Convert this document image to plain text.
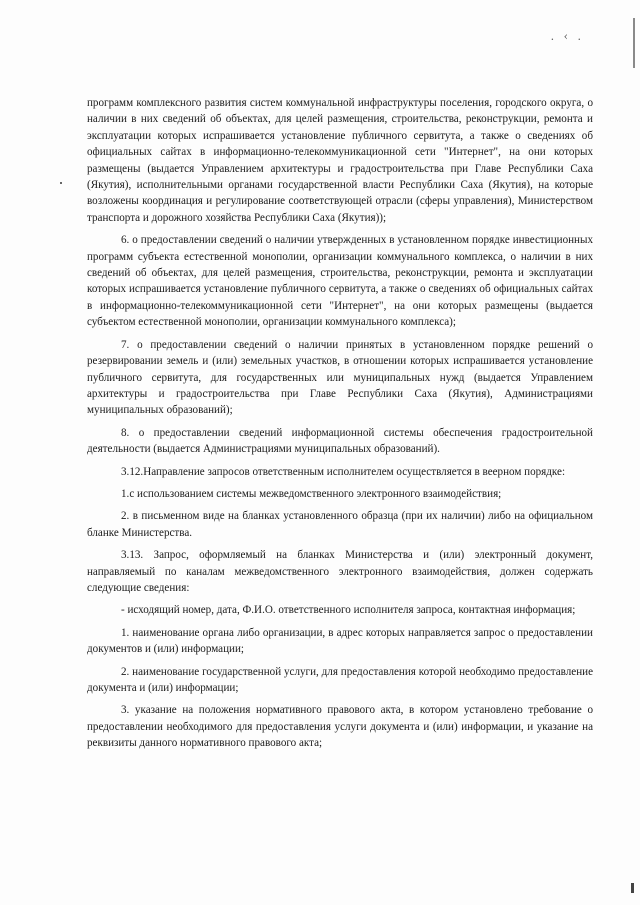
. ‹ .

программ комплексного развития систем коммунальной инфраструктуры поселения, городского округа, о наличии в них сведений об объектах, для целей размещения, строительства, реконструкции, ремонта и эксплуатации которых испрашивается установление публичного сервитута, а также о сведениях об официальных сайтах в информационно-телекоммуникационной сети "Интернет", на они которых размещены (выдается Управлением архитектуры и градостроительства при Главе Республики Саха (Якутия), исполнительными органами государственной власти Республики Саха (Якутия), на которые возложены координация и регулирование соответствующей отрасли (сферы управления), Министерством транспорта и дорожного хозяйства Республики Саха (Якутия));

6. о предоставлении сведений о наличии утвержденных в установленном порядке инвестиционных программ субъекта естественной монополии, организации коммунального комплекса, о наличии в них сведений об объектах, для целей размещения, строительства, реконструкции, ремонта и эксплуатации которых испрашивается установление публичного сервитута, а также о сведениях об официальных сайтах в информационно-телекоммуникационной сети "Интернет", на они которых размещены (выдается субъектом естественной монополии, организации коммунального комплекса);

7. о предоставлении сведений о наличии принятых в установленном порядке решений о резервировании земель и (или) земельных участков, в отношении которых испрашивается установление публичного сервитута, для государственных или муниципальных нужд (выдается Управлением архитектуры и градостроительства при Главе Республики Саха (Якутия), Администрациями муниципальных образований);

8. о предоставлении сведений информационной системы обеспечения градостроительной деятельности (выдается Администрациями муниципальных образований).

3.12.Направление запросов ответственным исполнителем осуществляется в веерном порядке:

1.с использованием системы межведомственного электронного взаимодействия;

2. в письменном виде на бланках установленного образца (при их наличии) либо на официальном бланке Министерства.

3.13. Запрос, оформляемый на бланках Министерства и (или) электронный документ, направляемый по каналам межведомственного электронного взаимодействия, должен содержать следующие сведения:

- исходящий номер, дата, Ф.И.О. ответственного исполнителя запроса, контактная информация;

1. наименование органа либо организации, в адрес которых направляется запрос о предоставлении документов и (или) информации;

2. наименование государственной услуги, для предоставления которой необходимо предоставление документа и (или) информации;

3. указание на положения нормативного правового акта, в котором установлено требование о предоставлении необходимого для предоставления услуги документа и (или) информации, и указание на реквизиты данного нормативного правового акта;
